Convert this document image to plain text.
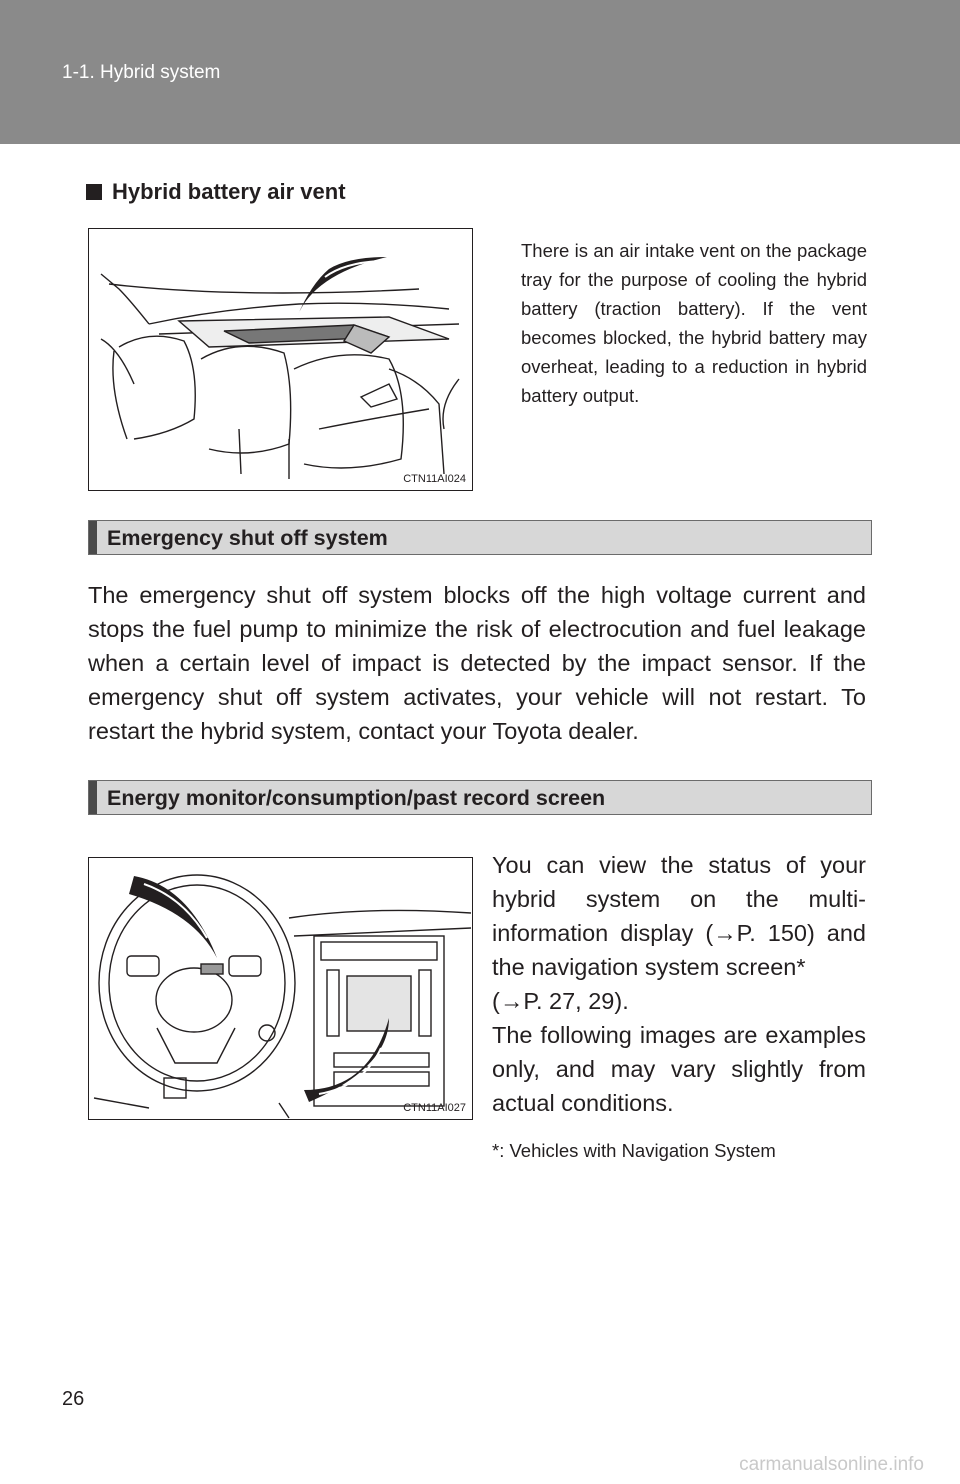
1-1. Hybrid system
Hybrid battery air vent
CTN11AI024
There is an air intake vent on the package tray for the purpose of cooling the hybrid battery (traction battery). If the vent becomes blocked, the hybrid battery may overheat, leading to a reduction in hybrid battery output.
Emergency shut off system
The emergency shut off system blocks off the high voltage current and stops the fuel pump to minimize the risk of electrocution and fuel leakage when a certain level of impact is detected by the impact sensor. If the emergency shut off system activates, your vehicle will not restart. To restart the hybrid system, contact your Toyota dealer.
Energy monitor/consumption/past record screen
CTN11AI027
You can view the status of your hybrid system on the multi-information display (→P. 150) and the navigation system screen*
(→P. 27, 29).
The following images are examples only, and may vary slightly from actual conditions.
*: Vehicles with Navigation System
26
carmanualsonline.info
